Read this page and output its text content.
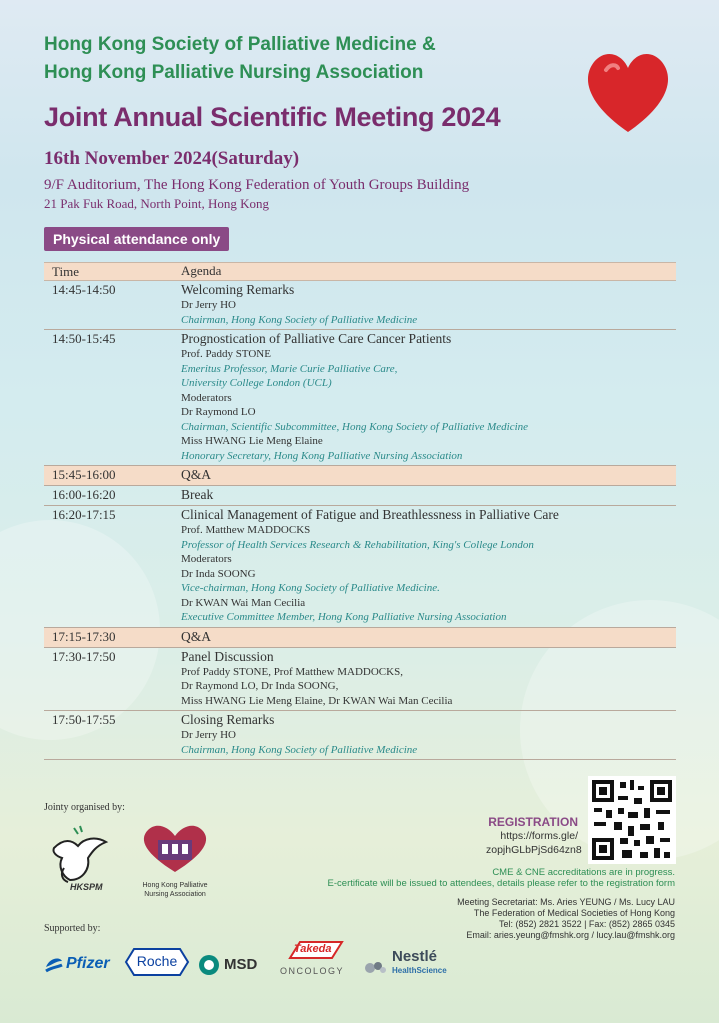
Hong Kong Society of Palliative Medicine &
Hong Kong Palliative Nursing Association
Joint Annual Scientific Meeting 2024
16th November 2024(Saturday)
9/F Auditorium, The Hong Kong Federation of Youth Groups Building
21 Pak Fuk Road, North Point, Hong Kong
Physical attendance only
Time	Agenda
14:45-14:50	Welcoming Remarks
Dr Jerry HO
Chairman, Hong Kong Society of Palliative Medicine
14:50-15:45	Prognostication of Palliative Care Cancer Patients
Prof. Paddy STONE
Emeritus Professor, Marie Curie Palliative Care,
University College London (UCL)
Moderators
Dr Raymond LO
Chairman, Scientific Subcommittee, Hong Kong Society of Palliative Medicine
Miss HWANG Lie Meng Elaine
Honorary Secretary, Hong Kong Palliative Nursing Association
15:45-16:00	Q&A
16:00-16:20	Break
16:20-17:15	Clinical Management of Fatigue and Breathlessness in Palliative Care
Prof. Matthew MADDOCKS
Professor of Health Services Research & Rehabilitation, King's College London
Moderators
Dr Inda SOONG
Vice-chairman, Hong Kong Society of Palliative Medicine.
Dr KWAN Wai Man Cecilia
Executive Committee Member, Hong Kong Palliative Nursing Association
17:15-17:30	Q&A
17:30-17:50	Panel Discussion
Prof Paddy STONE, Prof Matthew MADDOCKS,
Dr Raymond LO, Dr Inda SOONG,
Miss HWANG Lie Meng Elaine, Dr KWAN Wai Man Cecilia
17:50-17:55	Closing Remarks
Dr Jerry HO
Chairman, Hong Kong Society of Palliative Medicine
Jointy organised by:
HKSPM	Hong Kong Palliative
Nursing Association
REGISTRATION
https://forms.gle/
zopjhGLbPjSd64zn8
CME & CNE accreditations are in progress.
E-certificate will be issued to attendees, details please refer to the registration form
Meeting Secretariat: Ms. Aries YEUNG / Ms. Lucy LAU
The Federation of Medical Societies of Hong Kong
Tel: (852) 2821 3522 | Fax: (852) 2865 0345
Email: aries.yeung@fmshk.org / lucy.lau@fmshk.org
Supported by:
Pfizer	Roche	MSD
Takeda
ONCOLOGY
Nestlé
HealthScience
